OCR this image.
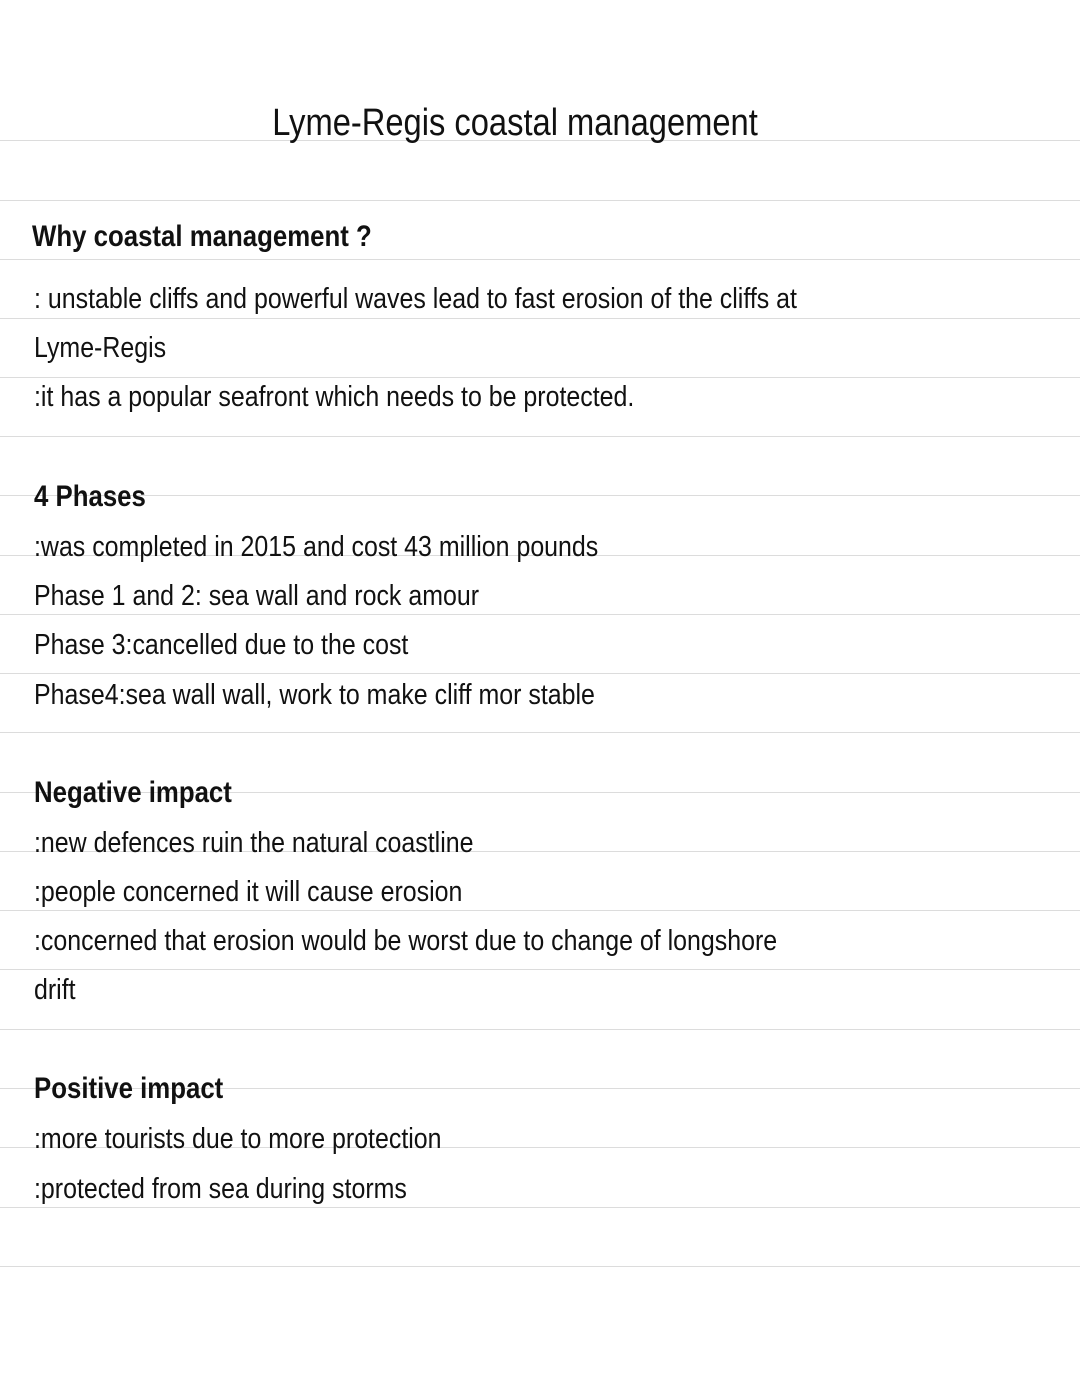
Lyme-Regis coastal management
Why coastal management ?
: unstable cliffs and powerful waves lead to fast erosion of the cliffs at
Lyme-Regis
:it has a popular seafront which needs to be protected.
4 Phases
:was completed in 2015 and cost 43 million pounds
Phase 1 and 2: sea wall and rock amour
Phase 3:cancelled due to the cost
Phase4:sea wall wall, work to make cliff mor stable
Negative impact
:new defences ruin the natural coastline
:people concerned it will cause erosion
:concerned that erosion would be worst due to change of longshore
drift
Positive impact
:more tourists due to more protection
:protected from sea during storms
